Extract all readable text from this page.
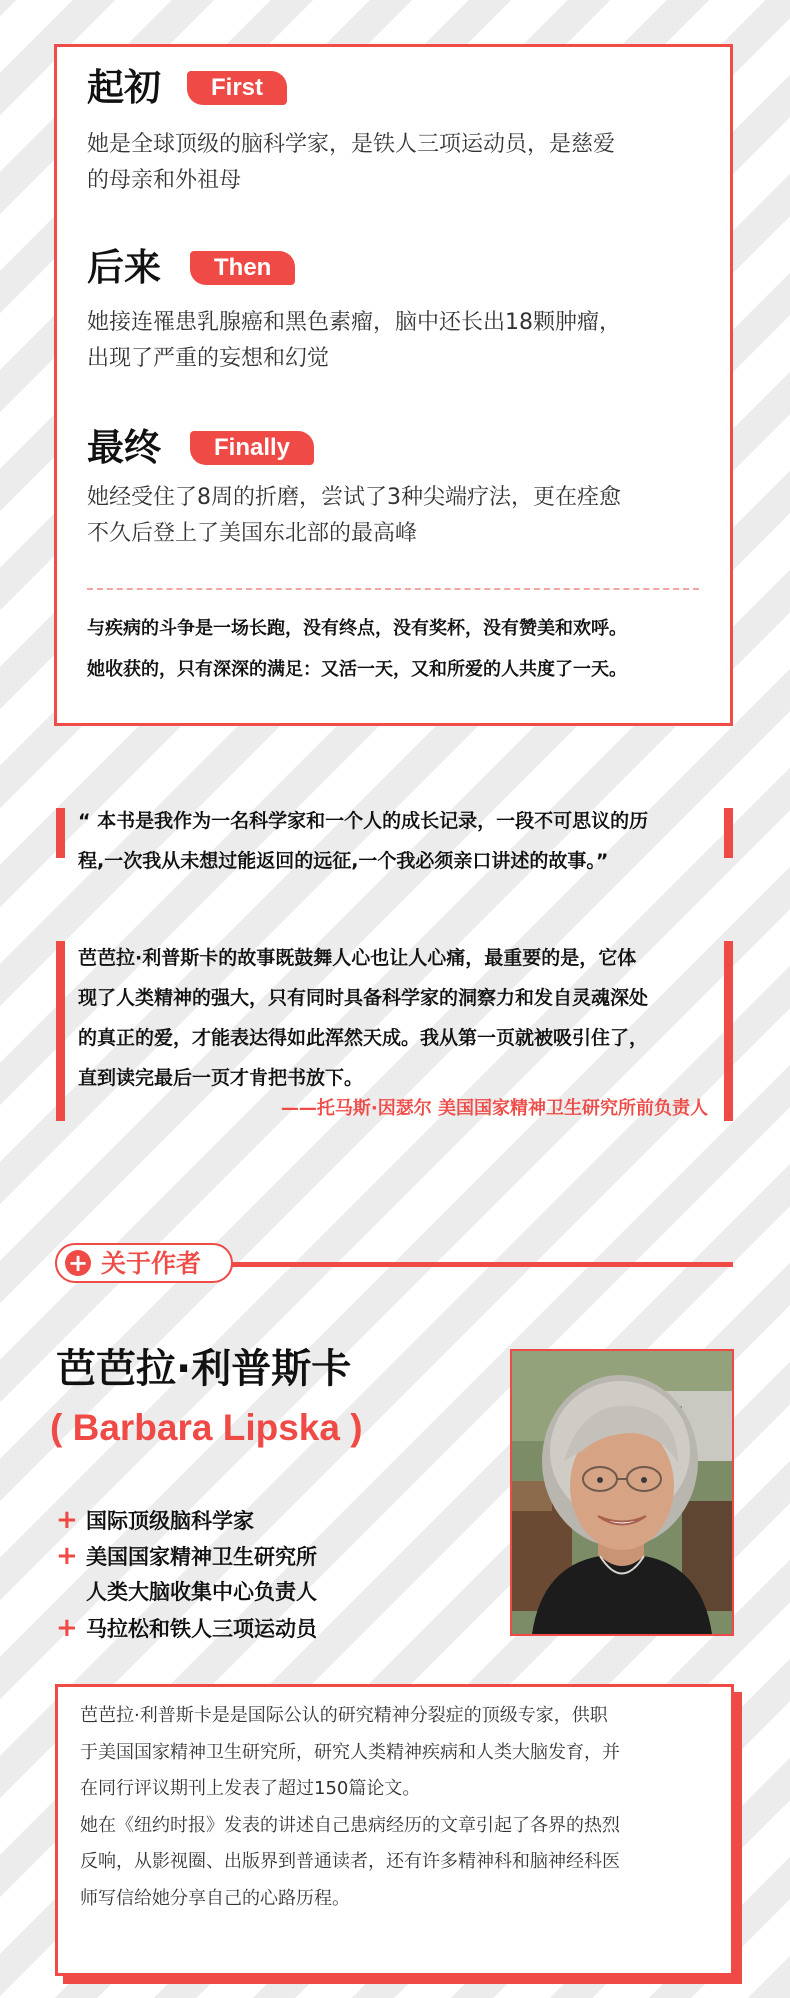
起初	First
她是全球顶级的脑科学家，是铁人三项运动员，是慈爱
的母亲和外祖母
后来	Then
她接连罹患乳腺癌和黑色素瘤，脑中还长出18颗肿瘤，
出现了严重的妄想和幻觉
最终	Finally
她经受住了8周的折磨，尝试了3种尖端疗法，更在痊愈
不久后登上了美国东北部的最高峰
与疾病的斗争是一场长跑，没有终点，没有奖杯，没有赞美和欢呼。
她收获的，只有深深的满足：又活一天，又和所爱的人共度了一天。
“ 本书是我作为一名科学家和一个人的成长记录，一段不可思议的历
程,一次我从未想过能返回的远征,一个我必须亲口讲述的故事。”
芭芭拉·利普斯卡的故事既鼓舞人心也让人心痛，最重要的是，它体
现了人类精神的强大，只有同时具备科学家的洞察力和发自灵魂深处
的真正的爱，才能表达得如此浑然天成。我从第一页就被吸引住了，
直到读完最后一页才肯把书放下。
——托马斯·因瑟尔 美国国家精神卫生研究所前负责人
+ 关于作者
芭芭拉·利普斯卡
( Barbara Lipska )
+ 国际顶级脑科学家
+ 美国国家精神卫生研究所
人类大脑收集中心负责人
+ 马拉松和铁人三项运动员
芭芭拉·利普斯卡是是国际公认的研究精神分裂症的顶级专家，供职
于美国国家精神卫生研究所，研究人类精神疾病和人类大脑发育，并
在同行评议期刊上发表了超过150篇论文。
她在《纽约时报》发表的讲述自己患病经历的文章引起了各界的热烈
反响，从影视圈、出版界到普通读者，还有许多精神科和脑神经科医
师写信给她分享自己的心路历程。
